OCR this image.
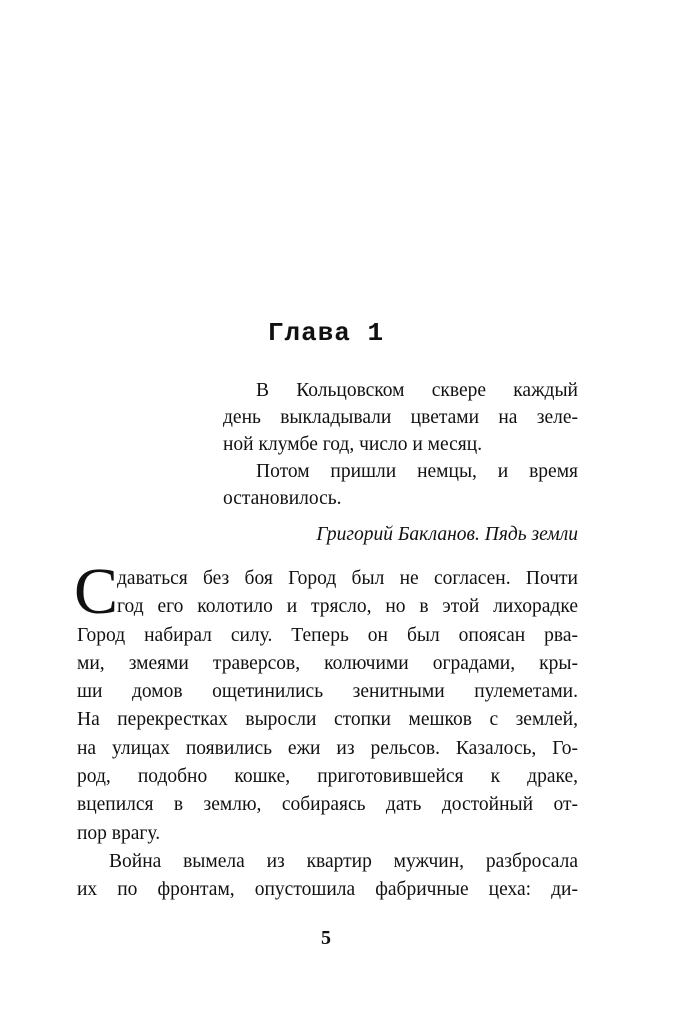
Глава 1
В Кольцовском сквере каждый
день выкладывали цветами на зеле-
ной клумбе год, число и месяц.
Потом пришли немцы, и время
остановилось.
Григорий Бакланов. Пядь земли
С
даваться без боя Город был не согласен. Почти
год его колотило и трясло, но в этой лихорадке
Город набирал силу. Теперь он был опоясан рва-
ми, змеями траверсов, колючими оградами, кры-
ши домов ощетинились зенитными пулеметами.
На перекрестках выросли стопки мешков с землей,
на улицах появились ежи из рельсов. Казалось, Го-
род, подобно кошке, приготовившейся к драке,
вцепился в землю, собираясь дать достойный от-
пор врагу.
Война вымела из квартир мужчин, разбросала
их по фронтам, опустошила фабричные цеха: ди-
5
